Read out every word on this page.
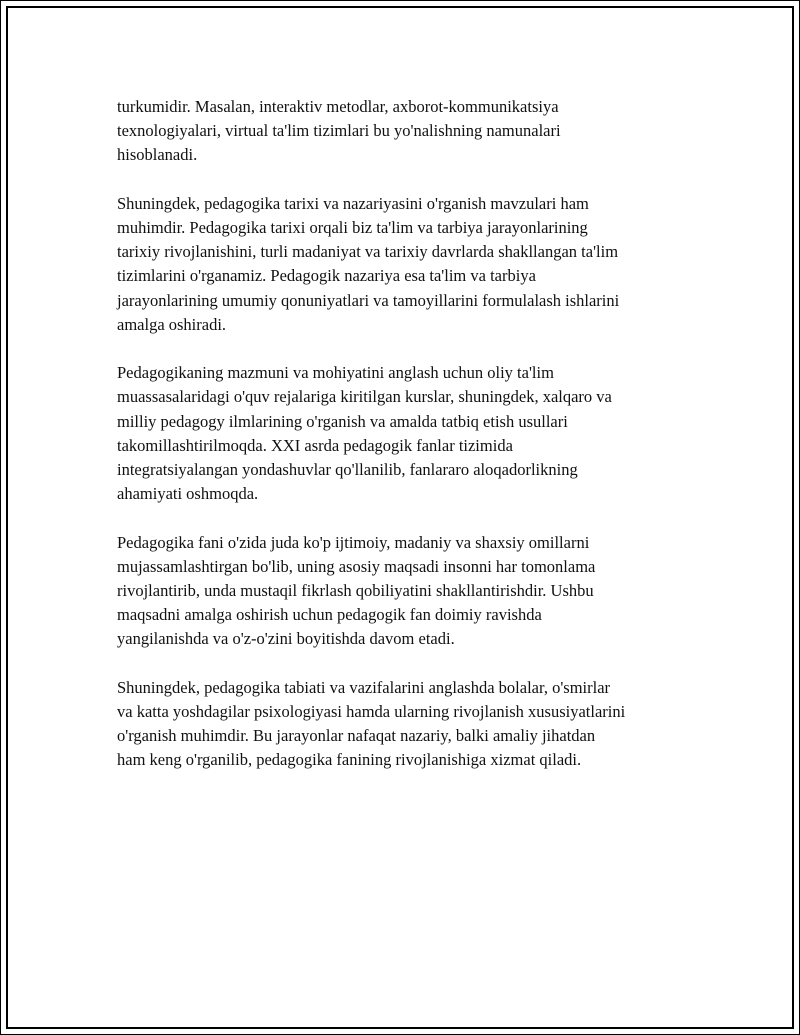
turkumidir. Masalan, interaktiv metodlar, axborot-kommunikatsiya
texnologiyalari, virtual ta'lim tizimlari bu yo'nalishning namunalari
hisoblanadi.

Shuningdek, pedagogika tarixi va nazariyasini o'rganish mavzulari ham
muhimdir. Pedagogika tarixi orqali biz ta'lim va tarbiya jarayonlarining
tarixiy rivojlanishini, turli madaniyat va tarixiy davrlarda shakllangan ta'lim
tizimlarini o'rganamiz. Pedagogik nazariya esa ta'lim va tarbiya
jarayonlarining umumiy qonuniyatlari va tamoyillarini formulalash ishlarini
amalga oshiradi.

Pedagogikaning mazmuni va mohiyatini anglash uchun oliy ta'lim
muassasalaridagi o'quv rejalariga kiritilgan kurslar, shuningdek, xalqaro va
milliy pedagogy ilmlarining o'rganish va amalda tatbiq etish usullari
takomillashtirilmoqda. XXI asrda pedagogik fanlar tizimida
integratsiyalangan yondashuvlar qo'llanilib, fanlararo aloqadorlikning
ahamiyati oshmoqda.

Pedagogika fani o'zida juda ko'p ijtimoiy, madaniy va shaxsiy omillarni
mujassamlashtirgan bo'lib, uning asosiy maqsadi insonni har tomonlama
rivojlantirib, unda mustaqil fikrlash qobiliyatini shakllantirishdir. Ushbu
maqsadni amalga oshirish uchun pedagogik fan doimiy ravishda
yangilanishda va o'z-o'zini boyitishda davom etadi.

Shuningdek, pedagogika tabiati va vazifalarini anglashda bolalar, o'smirlar
va katta yoshdagilar psixologiyasi hamda ularning rivojlanish xususiyatlarini
o'rganish muhimdir. Bu jarayonlar nafaqat nazariy, balki amaliy jihatdan
ham keng o'rganilib, pedagogika fanining rivojlanishiga xizmat qiladi.
